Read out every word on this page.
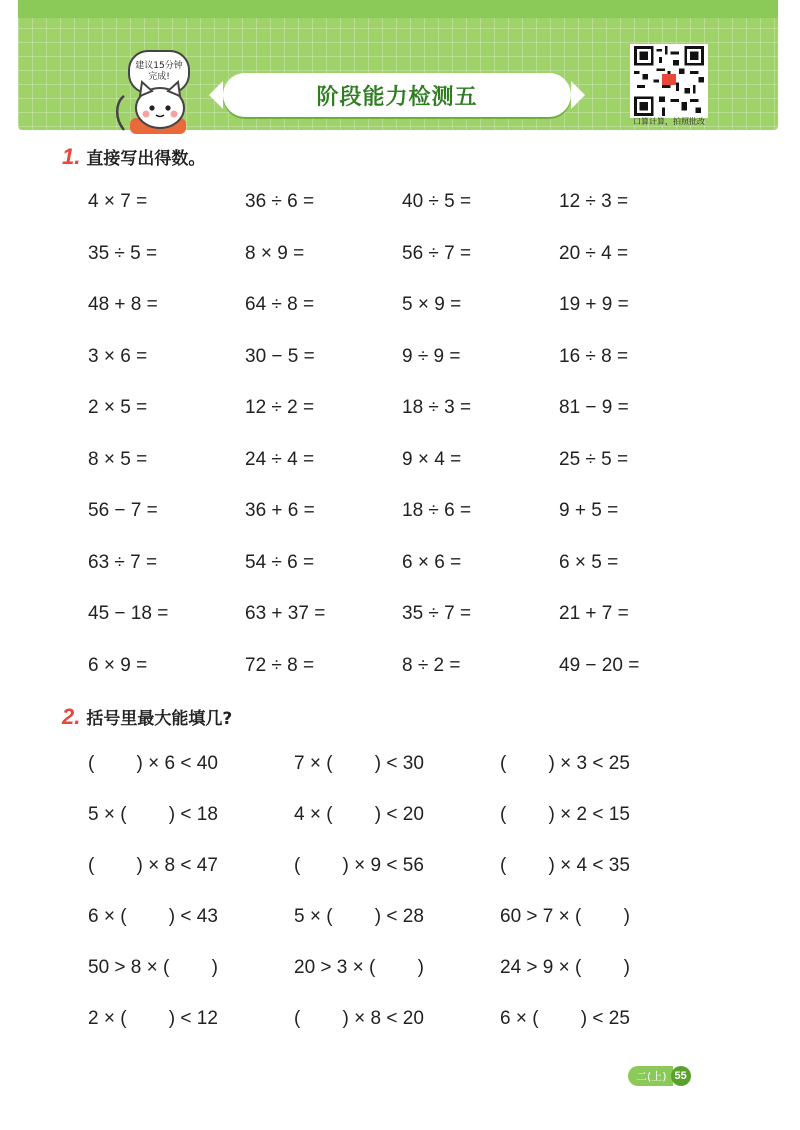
建议15分钟
完成!
阶段能力检测五
口算计算，拍照批改
1. 直接写出得数。
4 × 7 =	36 ÷ 6 =	40 ÷ 5 =	12 ÷ 3 =
35 ÷ 5 =	8 × 9 =	56 ÷ 7 =	20 ÷ 4 =
48 + 8 =	64 ÷ 8 =	5 × 9 =	19 + 9 =
3 × 6 =	30 − 5 =	9 ÷ 9 =	16 ÷ 8 =
2 × 5 =	12 ÷ 2 =	18 ÷ 3 =	81 − 9 =
8 × 5 =	24 ÷ 4 =	9 × 4 =	25 ÷ 5 =
56 − 7 =	36 + 6 =	18 ÷ 6 =	9 + 5 =
63 ÷ 7 =	54 ÷ 6 =	6 × 6 =	6 × 5 =
45 − 18 =	63 + 37 =	35 ÷ 7 =	21 + 7 =
6 × 9 =	72 ÷ 8 =	8 ÷ 2 =	49 − 20 =
2. 括号里最大能填几?
(        ) × 6 < 40	7 × (        ) < 30	(        ) × 3 < 25
5 × (        ) < 18	4 × (        ) < 20	(        ) × 2 < 15
(        ) × 8 < 47	(        ) × 9 < 56	(        ) × 4 < 35
6 × (        ) < 43	5 × (        ) < 28	60 > 7 × (        )
50 > 8 × (        )	20 > 3 × (        )	24 > 9 × (        )
2 × (        ) < 12	(        ) × 8 < 20	6 × (        ) < 25
二(上) 55
